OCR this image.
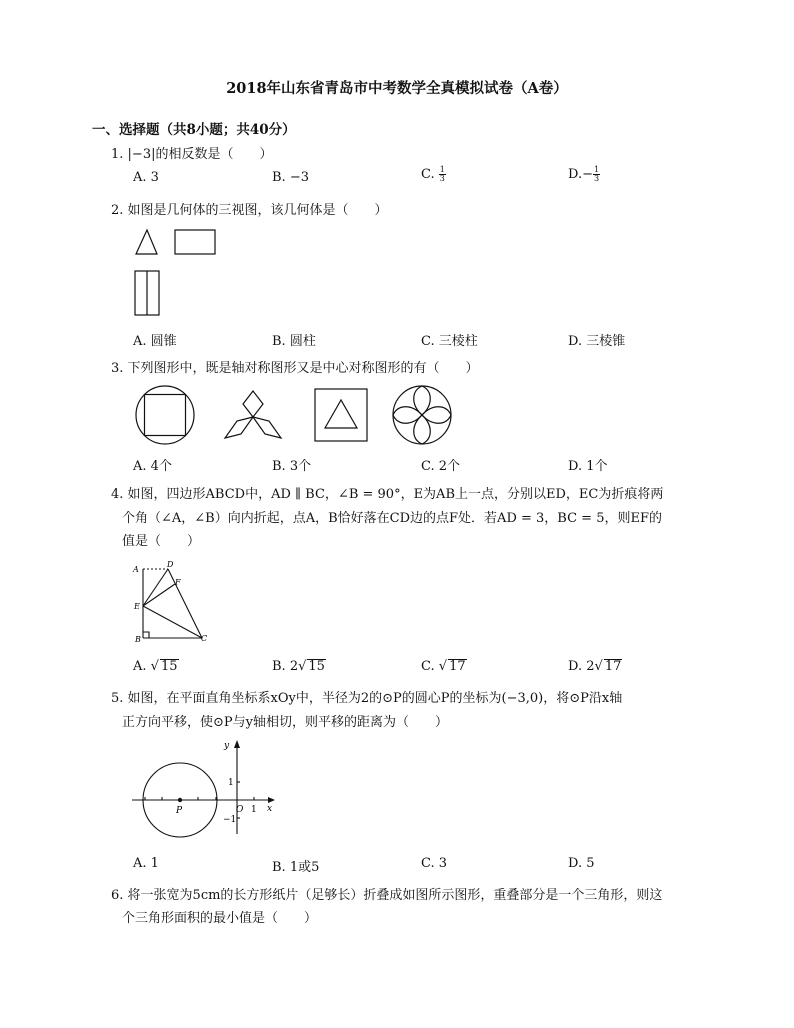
2018年山东省青岛市中考数学全真模拟试卷（A卷）
一、选择题（共8小题；共40分）
1. |−3|的相反数是（　　）
A. 3	B. −3	C. $\frac{1}{3}$	$D.- \frac{1}{3}$
2. 如图是几何体的三视图，该几何体是（　　）
A. 圆锥	B. 圆柱	C. 三棱柱	D. 三棱锥
3. 下列图形中，既是轴对称图形又是中心对称图形的有（　　）
A. 4个	B. 3个	C. 2个	D. 1个
4. 如图，四边形ABCD中，AD ∥ BC，∠B = 90°，E为AB上一点，分别以ED，EC为折痕将两
个角（∠A，∠B）向内折起，点A，B恰好落在CD边的点F处．若AD = 3，BC = 5，则EF的
值是（　　）
A
D
F
E
B	C
A. √ 15	B. 2√ 15	C. √ 17	D. 2√ 17
5. 如图，在平面直角坐标系xOy中，半径为2的⊙P的圆心P的坐标为(−3,0)，将⊙P沿x轴
正方向平移，使⊙P与y轴相切，则平移的距离为（　　）
y
x
O 1
1
−1
P
A. 1	B. 1或5	C. 3	D. 5
6. 将一张宽为5cm的长方形纸片（足够长）折叠成如图所示图形，重叠部分是一个三角形，则这
个三角形面积的最小值是（　　）
